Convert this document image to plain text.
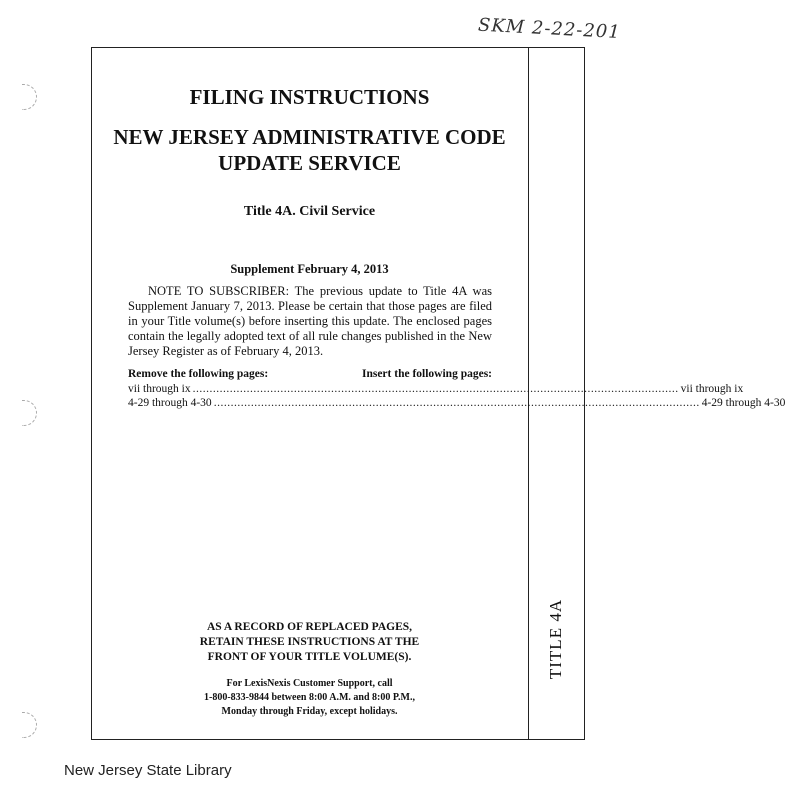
SKM 2-22-201
TITLE 4A
FILING INSTRUCTIONS
NEW JERSEY ADMINISTRATIVE CODE
UPDATE SERVICE
Title 4A. Civil Service
Supplement February 4, 2013

NOTE TO SUBSCRIBER: The previous update to Title 4A was Supplement January 7, 2013. Please be certain that those pages are filed in your Title volume(s) before inserting this update. The enclosed pages contain the legally adopted text of all rule changes published in the New Jersey Register as of February 4, 2013.

Remove the following pages:	Insert the following pages:
vii through ix ................................................................................................................................................ vii through ix
4-29 through 4-30 ................................................................................................................................................ 4-29 through 4-30
AS A RECORD OF REPLACED PAGES,
RETAIN THESE INSTRUCTIONS AT THE
FRONT OF YOUR TITLE VOLUME(S).
For LexisNexis Customer Support, call
1-800-833-9844 between 8:00 A.M. and 8:00 P.M.,
Monday through Friday, except holidays.
New Jersey State Library
